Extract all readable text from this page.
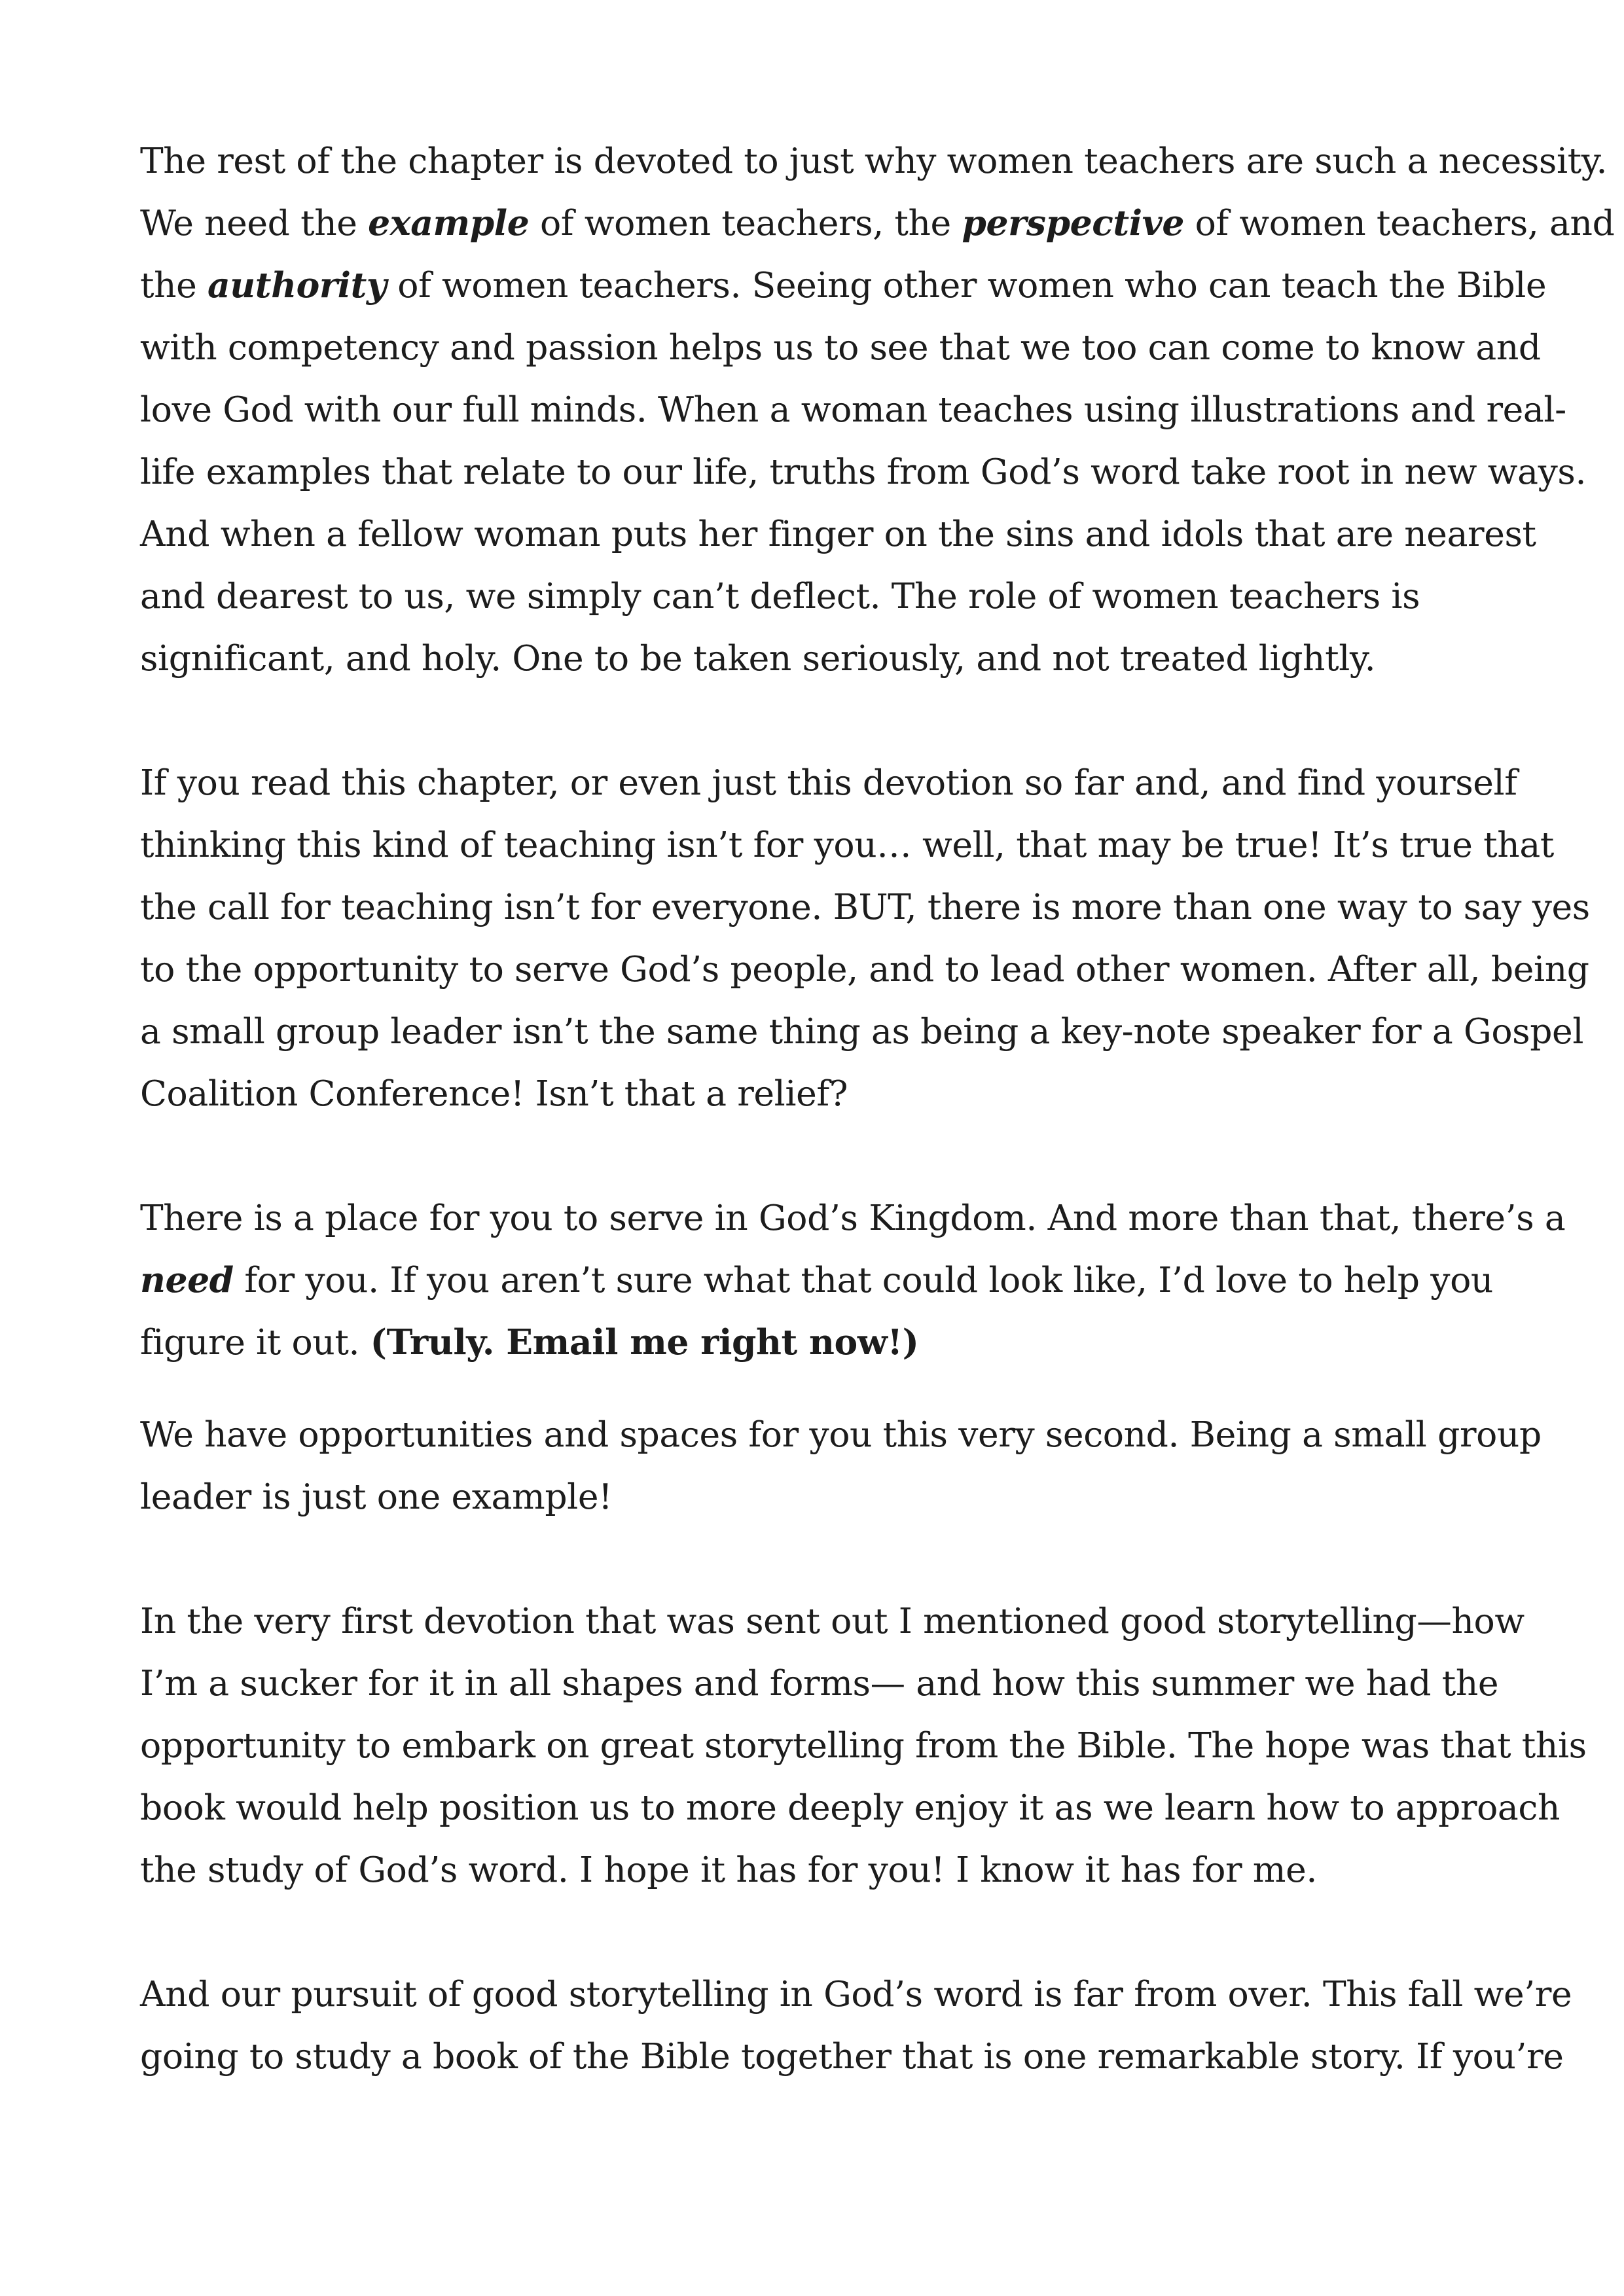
The rest of the chapter is devoted to just why women teachers are such a necessity.
We need the example of women teachers, the perspective of women teachers, and
the authority of women teachers. Seeing other women who can teach the Bible
with competency and passion helps us to see that we too can come to know and
love God with our full minds. When a woman teaches using illustrations and real-
life examples that relate to our life, truths from God’s word take root in new ways.
And when a fellow woman puts her finger on the sins and idols that are nearest
and dearest to us, we simply can’t deflect. The role of women teachers is
significant, and holy. One to be taken seriously, and not treated lightly.
If you read this chapter, or even just this devotion so far and, and find yourself
thinking this kind of teaching isn’t for you… well, that may be true! It’s true that
the call for teaching isn’t for everyone. BUT, there is more than one way to say yes
to the opportunity to serve God’s people, and to lead other women. After all, being
a small group leader isn’t the same thing as being a key-note speaker for a Gospel
Coalition Conference! Isn’t that a relief?
There is a place for you to serve in God’s Kingdom. And more than that, there’s a
need for you. If you aren’t sure what that could look like, I’d love to help you
figure it out. (Truly. Email me right now!)
We have opportunities and spaces for you this very second. Being a small group
leader is just one example!
In the very first devotion that was sent out I mentioned good storytelling—how
I’m a sucker for it in all shapes and forms— and how this summer we had the
opportunity to embark on great storytelling from the Bible. The hope was that this
book would help position us to more deeply enjoy it as we learn how to approach
the study of God’s word. I hope it has for you! I know it has for me.
And our pursuit of good storytelling in God’s word is far from over. This fall we’re
going to study a book of the Bible together that is one remarkable story. If you’re
